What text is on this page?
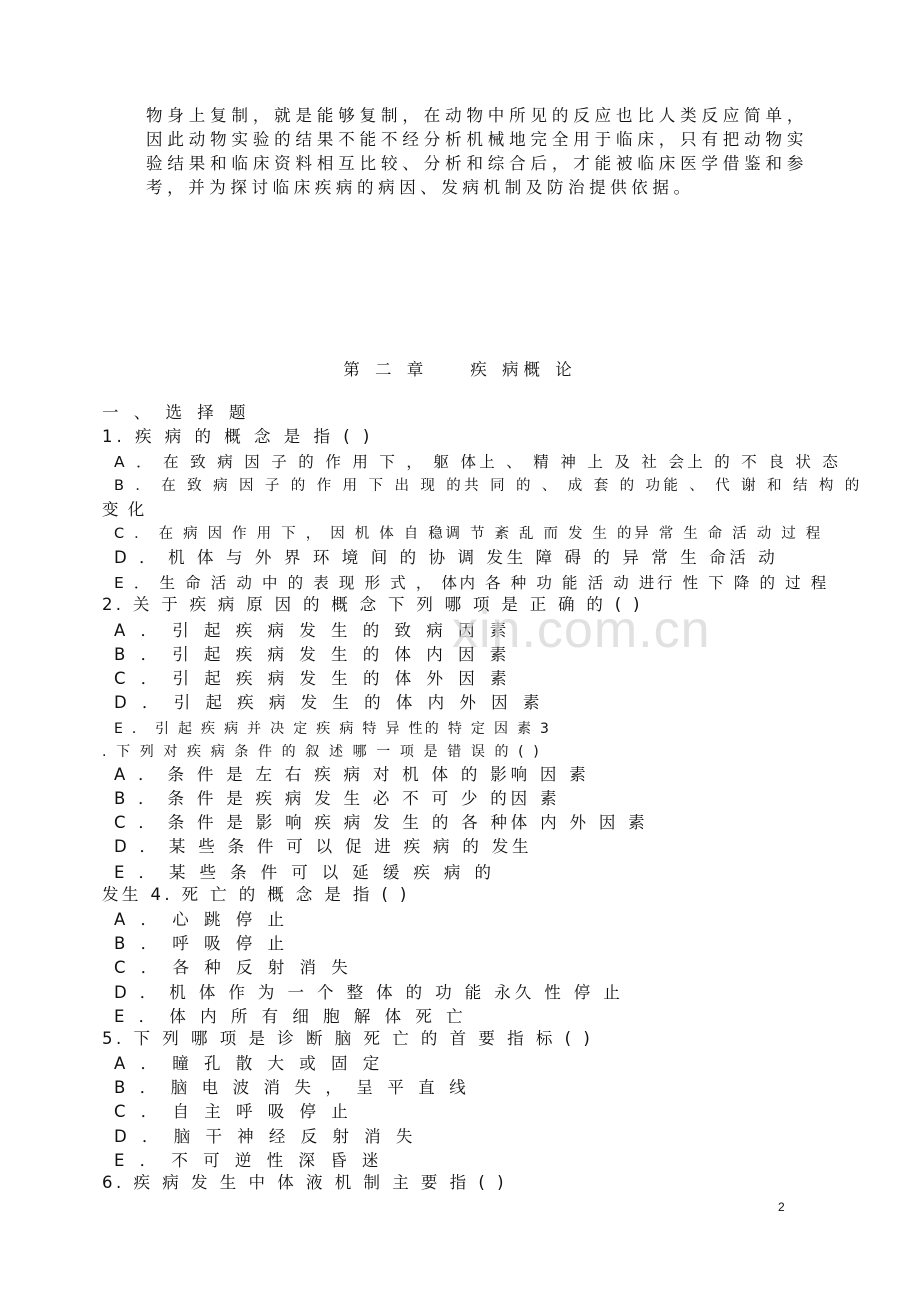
物身上复制，就是能够复制，在动物中所见的反应也比人类反应简单，因此动物实验的结果不能不经分析机械地完全用于临床，只有把动物实验结果和临床资料相互比较、分析和综合后，才能被临床医学借鉴和参考，并为探讨临床疾病的病因、发病机制及防治提供依据。

第 二 章 　 疾 病概 论

一 、 选 择 题

1. 疾 病 的 概 念 是 指 ( )

A ． 在 致 病 因 子 的 作 用 下 ， 躯 体上 、 精 神 上 及 社 会上 的 不 良 状 态

B ． 在 致 病 因 子 的 作 用 下 出 现 的共 同 的 、 成 套 的 功能 、 代 谢 和 结 构 的

变 化

C ． 在 病 因 作 用 下 ， 因 机 体 自 稳调 节 紊 乱 而 发 生 的异 常 生 命 活 动 过 程

D ． 机 体 与 外 界 环 境 间 的 协 调 发生 障 碍 的 异 常 生 命活 动

E ． 生 命 活 动 中 的 表 现 形 式 ， 体内 各 种 功 能 活 动 进行 性 下 降 的 过 程

2. 关 于 疾 病 原 因 的 概 念 下 列 哪 项 是 正 确 的 ( )

A ． 引 起 疾 病 发 生 的 致 病 因 素

B ． 引 起 疾 病 发 生 的 体 内 因 素

C ． 引 起 疾 病 发 生 的 体 外 因 素

D ． 引 起 疾 病 发 生 的 体 内 外 因 素

E ． 引 起 疾 病 并 决 定 疾 病 特 异 性的 特 定 因 素 3

. 下 列 对 疾 病 条 件 的 叙 述 哪 一 项 是 错 误 的 ( )

A ． 条 件 是 左 右 疾 病 对 机 体 的 影响 因 素

B ． 条 件 是 疾 病 发 生 必 不 可 少 的因 素

C ． 条 件 是 影 响 疾 病 发 生 的 各 种体 内 外 因 素

D ． 某 些 条 件 可 以 促 进 疾 病 的 发生

E ． 某 些 条 件 可 以 延 缓 疾 病 的

发生 4. 死 亡 的 概 念 是 指 ( )

A ． 心 跳 停 止

B ． 呼 吸 停 止

C ． 各 种 反 射 消 失

D ． 机 体 作 为 一 个 整 体 的 功 能 永久 性 停 止

E ． 体 内 所 有 细 胞 解 体 死 亡

5. 下 列 哪 项 是 诊 断 脑 死 亡 的 首 要 指 标 ( )

A ． 瞳 孔 散 大 或 固 定

B ． 脑 电 波 消 失 ， 呈 平 直 线

C ． 自 主 呼 吸 停 止

D ． 脑 干 神 经 反 射 消 失

E ． 不 可 逆 性 深 昏 迷

6. 疾 病 发 生 中 体 液 机 制 主 要 指 ( )

xin.com.cn
2
